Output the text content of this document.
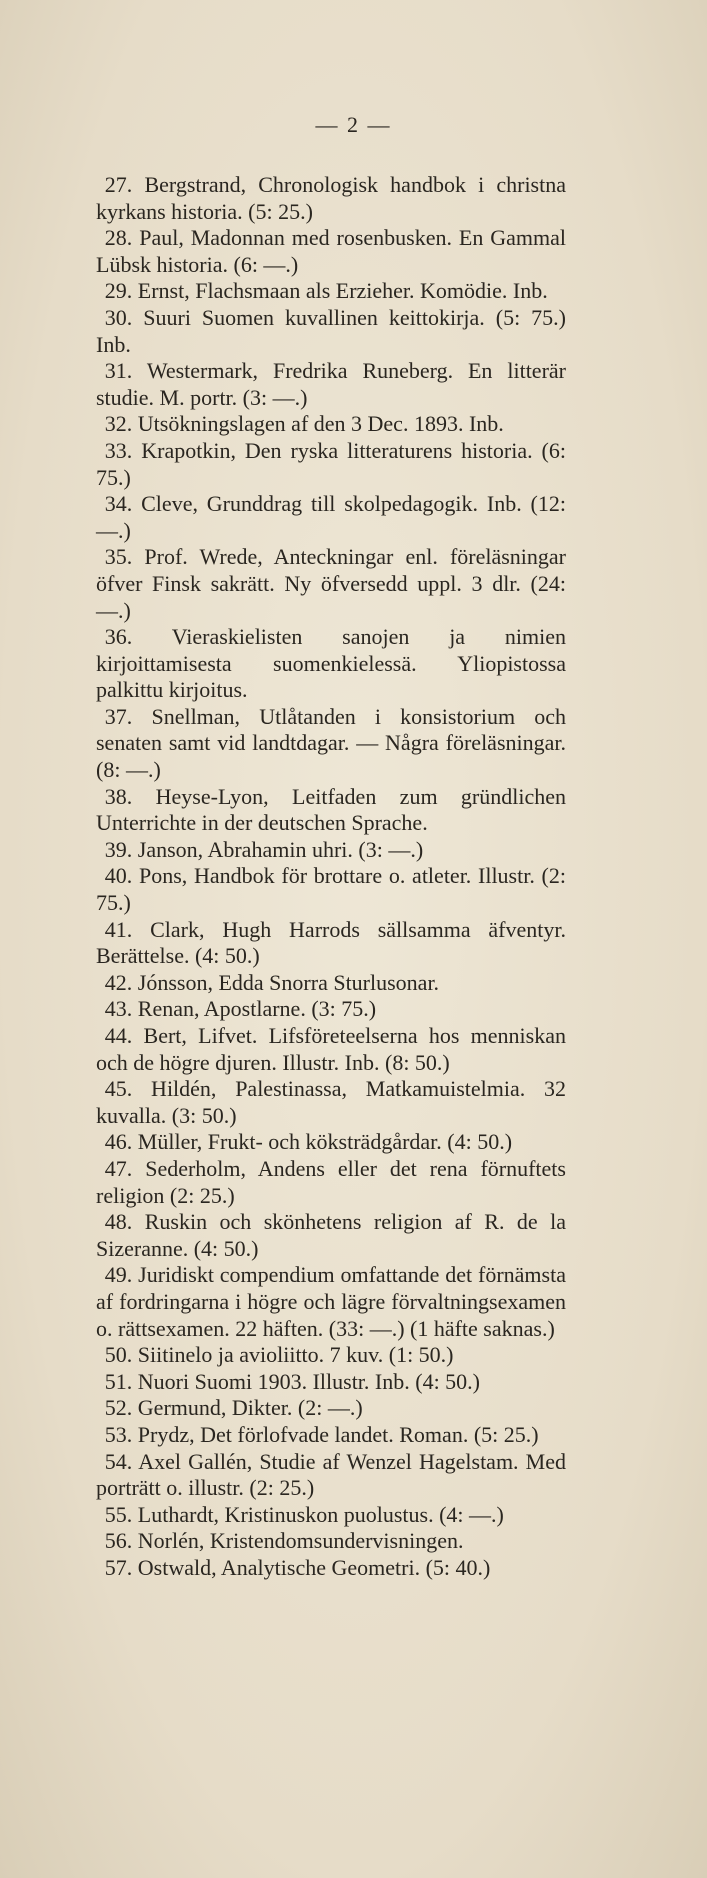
— 2 —

27. Bergstrand, Chronologisk handbok i christna kyrkans historia. (5: 25.)

28. Paul, Madonnan med rosenbusken. En Gammal Lübsk historia. (6: —.)

29. Ernst, Flachsmaan als Erzieher. Komödie. Inb.

30. Suuri Suomen kuvallinen keittokirja. (5: 75.) Inb.

31. Westermark, Fredrika Runeberg. En litterär studie. M. portr. (3: —.)

32. Utsökningslagen af den 3 Dec. 1893. Inb.

33. Krapotkin, Den ryska litteraturens historia. (6: 75.)

34. Cleve, Grunddrag till skolpedagogik. Inb. (12: —.)

35. Prof. Wrede, Anteckningar enl. föreläsningar öfver Finsk sakrätt. Ny öfversedd uppl. 3 dlr. (24: —.)

36. Vieraskielisten sanojen ja nimien kirjoittamisesta suomenkielessä. Yliopistossa palkittu kirjoitus.

37. Snellman, Utlåtanden i konsistorium och senaten samt vid landtdagar. — Några föreläsningar. (8: —.)

38. Heyse-Lyon, Leitfaden zum gründlichen Unterrichte in der deutschen Sprache.

39. Janson, Abrahamin uhri. (3: —.)

40. Pons, Handbok för brottare o. atleter. Illustr. (2: 75.)

41. Clark, Hugh Harrods sällsamma äfventyr. Berättelse. (4: 50.)

42. Jónsson, Edda Snorra Sturlusonar.

43. Renan, Apostlarne. (3: 75.)

44. Bert, Lifvet. Lifsföreteelserna hos menniskan och de högre djuren. Illustr. Inb. (8: 50.)

45. Hildén, Palestinassa, Matkamuistelmia. 32 kuvalla. (3: 50.)

46. Müller, Frukt- och köksträdgårdar. (4: 50.)

47. Sederholm, Andens eller det rena förnuftets religion (2: 25.)

48. Ruskin och skönhetens religion af R. de la Sizeranne. (4: 50.)

49. Juridiskt compendium omfattande det förnämsta af fordringarna i högre och lägre förvaltningsexamen o. rättsexamen. 22 häften. (33: —.) (1 häfte saknas.)

50. Siitinelo ja avioliitto. 7 kuv. (1: 50.)

51. Nuori Suomi 1903. Illustr. Inb. (4: 50.)

52. Germund, Dikter. (2: —.)

53. Prydz, Det förlofvade landet. Roman. (5: 25.)

54. Axel Gallén, Studie af Wenzel Hagelstam. Med porträtt o. illustr. (2: 25.)

55. Luthardt, Kristinuskon puolustus. (4: —.)

56. Norlén, Kristendomsundervisningen.

57. Ostwald, Analytische Geometri. (5: 40.)
